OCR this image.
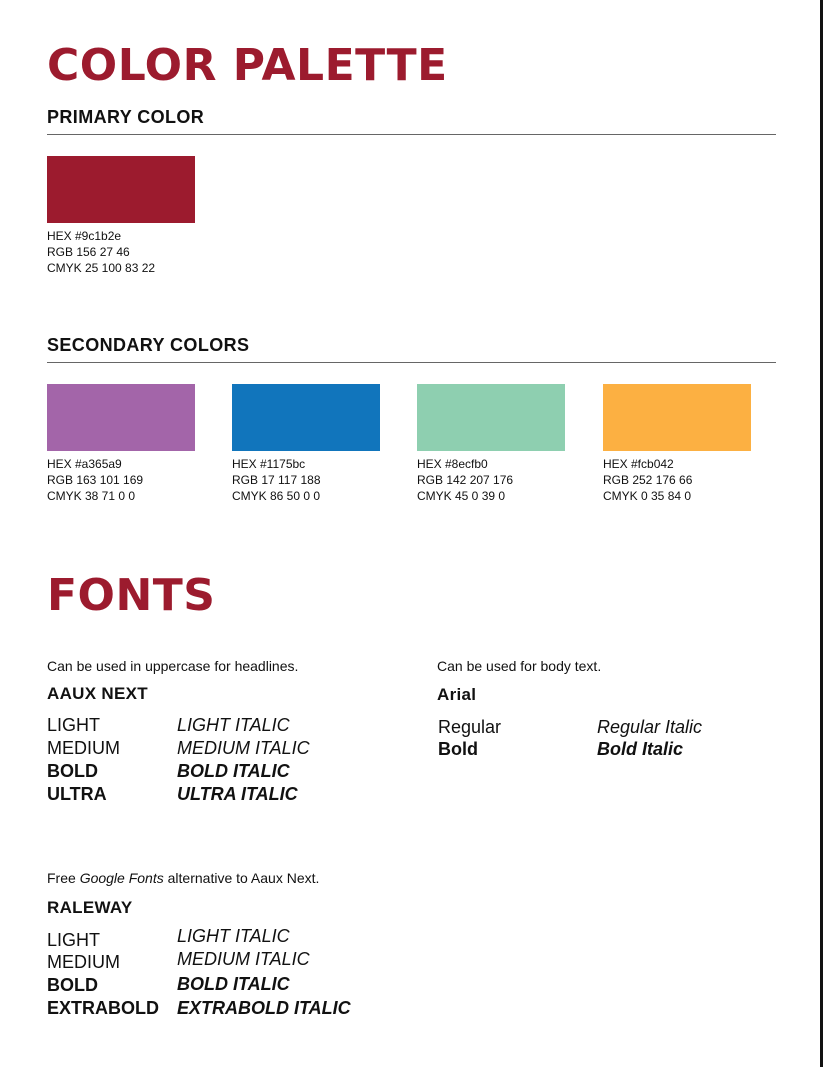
COLOR PALETTE
PRIMARY COLOR
HEX #9c1b2e
RGB 156 27 46
CMYK 25 100 83 22
SECONDARY COLORS
HEX #a365a9
RGB 163 101 169
CMYK 38 71 0 0
HEX #1175bc
RGB 17 117 188
CMYK 86 50 0 0
HEX #8ecfb0
RGB 142 207 176
CMYK 45 0 39 0
HEX #fcb042
RGB 252 176 66
CMYK 0 35 84 0
FONTS

Can be used in uppercase for headlines.

AAUX NEXT

LIGHT
MEDIUM
BOLD
ULTRA
LIGHT ITALIC
MEDIUM ITALIC
BOLD ITALIC
ULTRA ITALIC

Can be used for body text.

Arial

Regular
Bold
Regular Italic
Bold Italic

Free Google Fonts alternative to Aaux Next.

RALEWAY

LIGHT
MEDIUM
BOLD
EXTRABOLD
LIGHT ITALIC
MEDIUM ITALIC
BOLD ITALIC
EXTRABOLD ITALIC
